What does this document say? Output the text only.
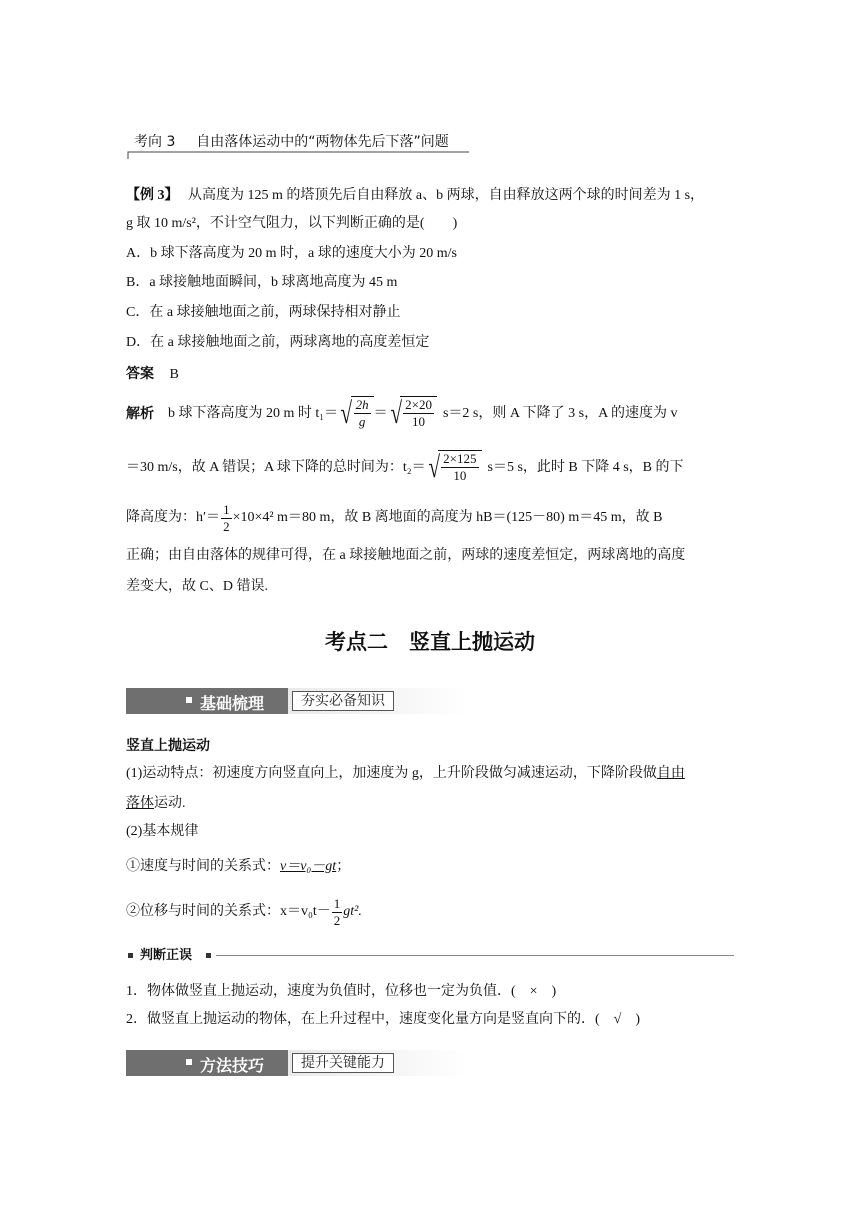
考向 3 自由落体运动中的“两物体先后下落”问题
【例 3】 从高度为 125 m 的塔顶先后自由释放 a、b 两球，自由释放这两个球的时间差为 1 s，
g 取 10 m/s²，不计空气阻力，以下判断正确的是(　　)
A．b 球下落高度为 20 m 时，a 球的速度大小为 20 m/s
B．a 球接触地面瞬间，b 球离地高度为 45 m
C．在 a 球接触地面之前，两球保持相对静止
D．在 a 球接触地面之前，两球离地的高度差恒定
答案 B
解析 b 球下落高度为 20 m 时 t₁＝ √ $\frac{2h}{g}$ ＝ √ $\frac{2\times 20}{10} s=2$ s，则 A 下降了 3 s，A 的速度为 v
＝30 m/s，故 A 错误；A 球下降的总时间为：t₂＝ √ $\frac{2\times 125}{10} s=5$ s，此时 B 下降 4 s，B 的下
降高度为：$h'= \frac{1}{2} \times 10\times 4^2$ m＝80 m，故 B 离地面的高度为 hB＝(125－80) m＝45 m，故 B
正确；由自由落体的规律可得，在 a 球接触地面之前，两球的速度差恒定，两球离地的高度
差变大，故 C、D 错误.
考点二　竖直上抛运动
基础梳理	夯实必备知识
竖直上抛运动
(1)运动特点：初速度方向竖直向上，加速度为 g，上升阶段做匀减速运动，下降阶段做自由
落体运动.
(2)基本规律
①速度与时间的关系式：v＝v₀－gt；
②位移与时间的关系式：$x=v_0t- \frac{1}{2} gt^2$.
判断正误
1．物体做竖直上抛运动，速度为负值时，位移也一定为负值．(　×　)
2．做竖直上抛运动的物体，在上升过程中，速度变化量方向是竖直向下的．(　√　)
方法技巧	提升关键能力
